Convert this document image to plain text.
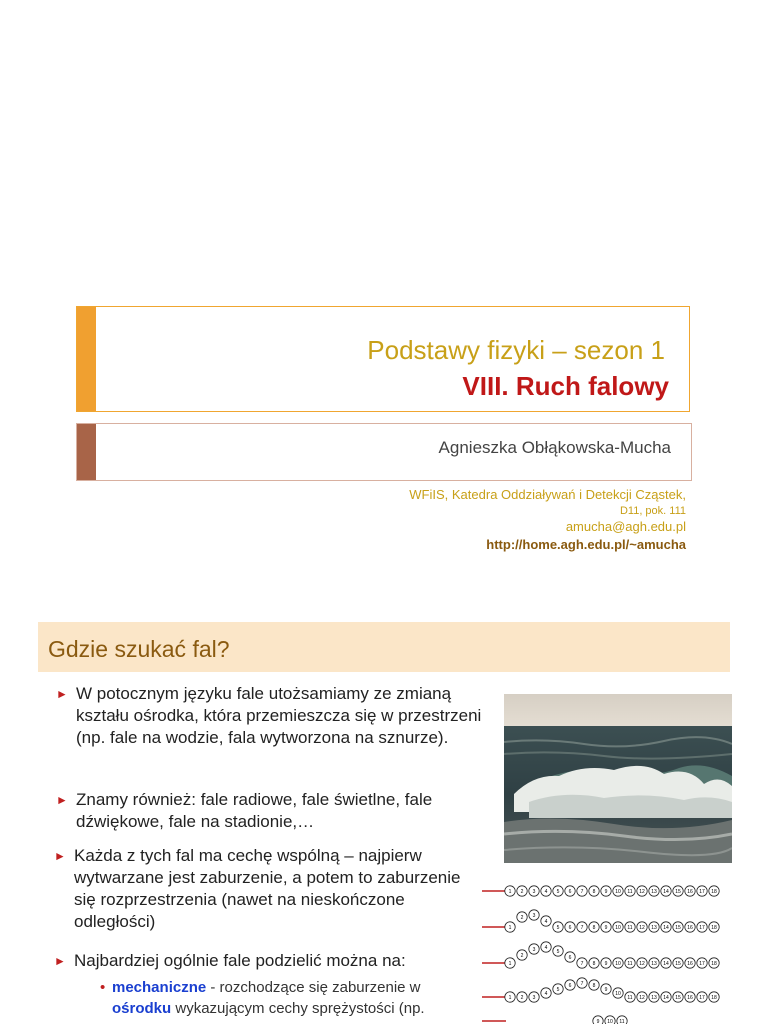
Podstawy fizyki – sezon 1
VIII. Ruch falowy
Agnieszka Obłąkowska-Mucha
WFiIS, Katedra Oddziaływań i Detekcji Cząstek,
D11, pok. 111
amucha@agh.edu.pl
http://home.agh.edu.pl/~amucha
Gdzie szukać fal?
► W potocznym języku fale utożsamiamy ze zmianą kształu ośrodka, która przemieszcza się w przestrzeni (np. fale na wodzie, fala wytworzona na sznurze).
► Znamy również: fale radiowe, fale świetlne, fale dźwiękowe, fale na stadionie,…
► Każda z tych fal ma cechę wspólną – najpierw wytwarzane jest zaburzenie, a potem to zaburzenie się rozprzestrzenia (nawet na nieskończone odległości)
► Najbardziej ogólnie fale podzielić można na:
• mechaniczne - rozchodzące się zaburzenie w ośrodku wykazującym cechy sprężystości (np.
1 2 3 4 5 6 7 8 9 10 11 12 13 14 15 16 17 18
1
2 3
4
5 6 7 8 9 10 11 12 13 14 15 16 17 18
1
2
3 4
5
6
7 8 9 10 11 12 13 14 15 16 17 18
1 2 3
4
5
6 7 8
9
10
11 12 13 14 15 16 17 18
9 10 11
